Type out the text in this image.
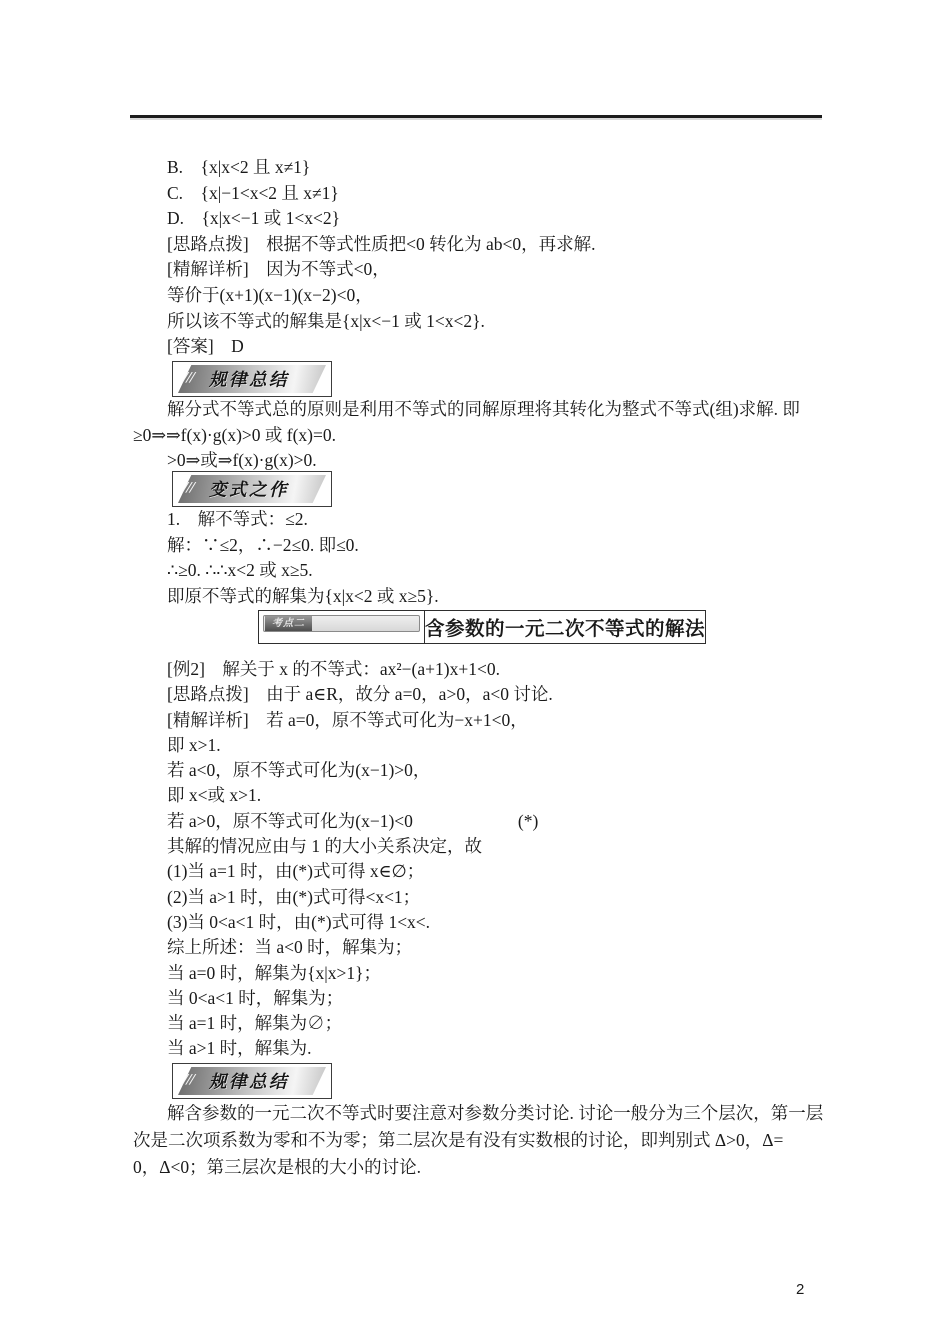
B.　{x|x<2 且 x≠1}

C.　{x|−1<x<2 且 x≠1}

D.　{x|x<−1 或 1<x<2}

[思路点拨]　根据不等式性质把<0 转化为 ab<0，再求解.

[精解详析]　因为不等式<0，

等价于(x+1)(x−1)(x−2)<0，

所以该不等式的解集是{x|x<−1 或 1<x<2}.

[答案]　D

/// 规律总结

解分式不等式总的原则是利用不等式的同解原理将其转化为整式不等式(组)求解. 即

≥0⇒⇒f(x)·g(x)>0 或 f(x)=0.

>0⇒或⇒f(x)·g(x)>0.

/// 变式之作

1.　解不等式：≤2.

解：∵≤2，∴−2≤0. 即≤0.

∴≥0. ∴∴x<2 或 x≥5.

即原不等式的解集为{x|x<2 或 x≥5}.

考点二	含参数的一元二次不等式的解法

[例2]　解关于 x 的不等式：ax²−(a+1)x+1<0.

[思路点拨]　由于 a∈R，故分 a=0，a>0，a<0 讨论.

[精解详析]　若 a=0，原不等式可化为−x+1<0，

即 x>1.

若 a<0，原不等式可化为(x−1)>0，

即 x<或 x>1.

若 a>0，原不等式可化为(x−1)<0　　　　　　(*)

其解的情况应由与 1 的大小关系决定，故

(1)当 a=1 时，由(*)式可得 x∈∅；

(2)当 a>1 时，由(*)式可得<x<1；

(3)当 0<a<1 时，由(*)式可得 1<x<.

综上所述：当 a<0 时，解集为；

当 a=0 时，解集为{x|x>1}；

当 0<a<1 时，解集为；

当 a=1 时，解集为∅；

当 a>1 时，解集为.

/// 规律总结

解含参数的一元二次不等式时要注意对参数分类讨论. 讨论一般分为三个层次，第一层

次是二次项系数为零和不为零；第二层次是有没有实数根的讨论，即判别式 Δ>0，Δ=

0，Δ<0；第三层次是根的大小的讨论.

2
